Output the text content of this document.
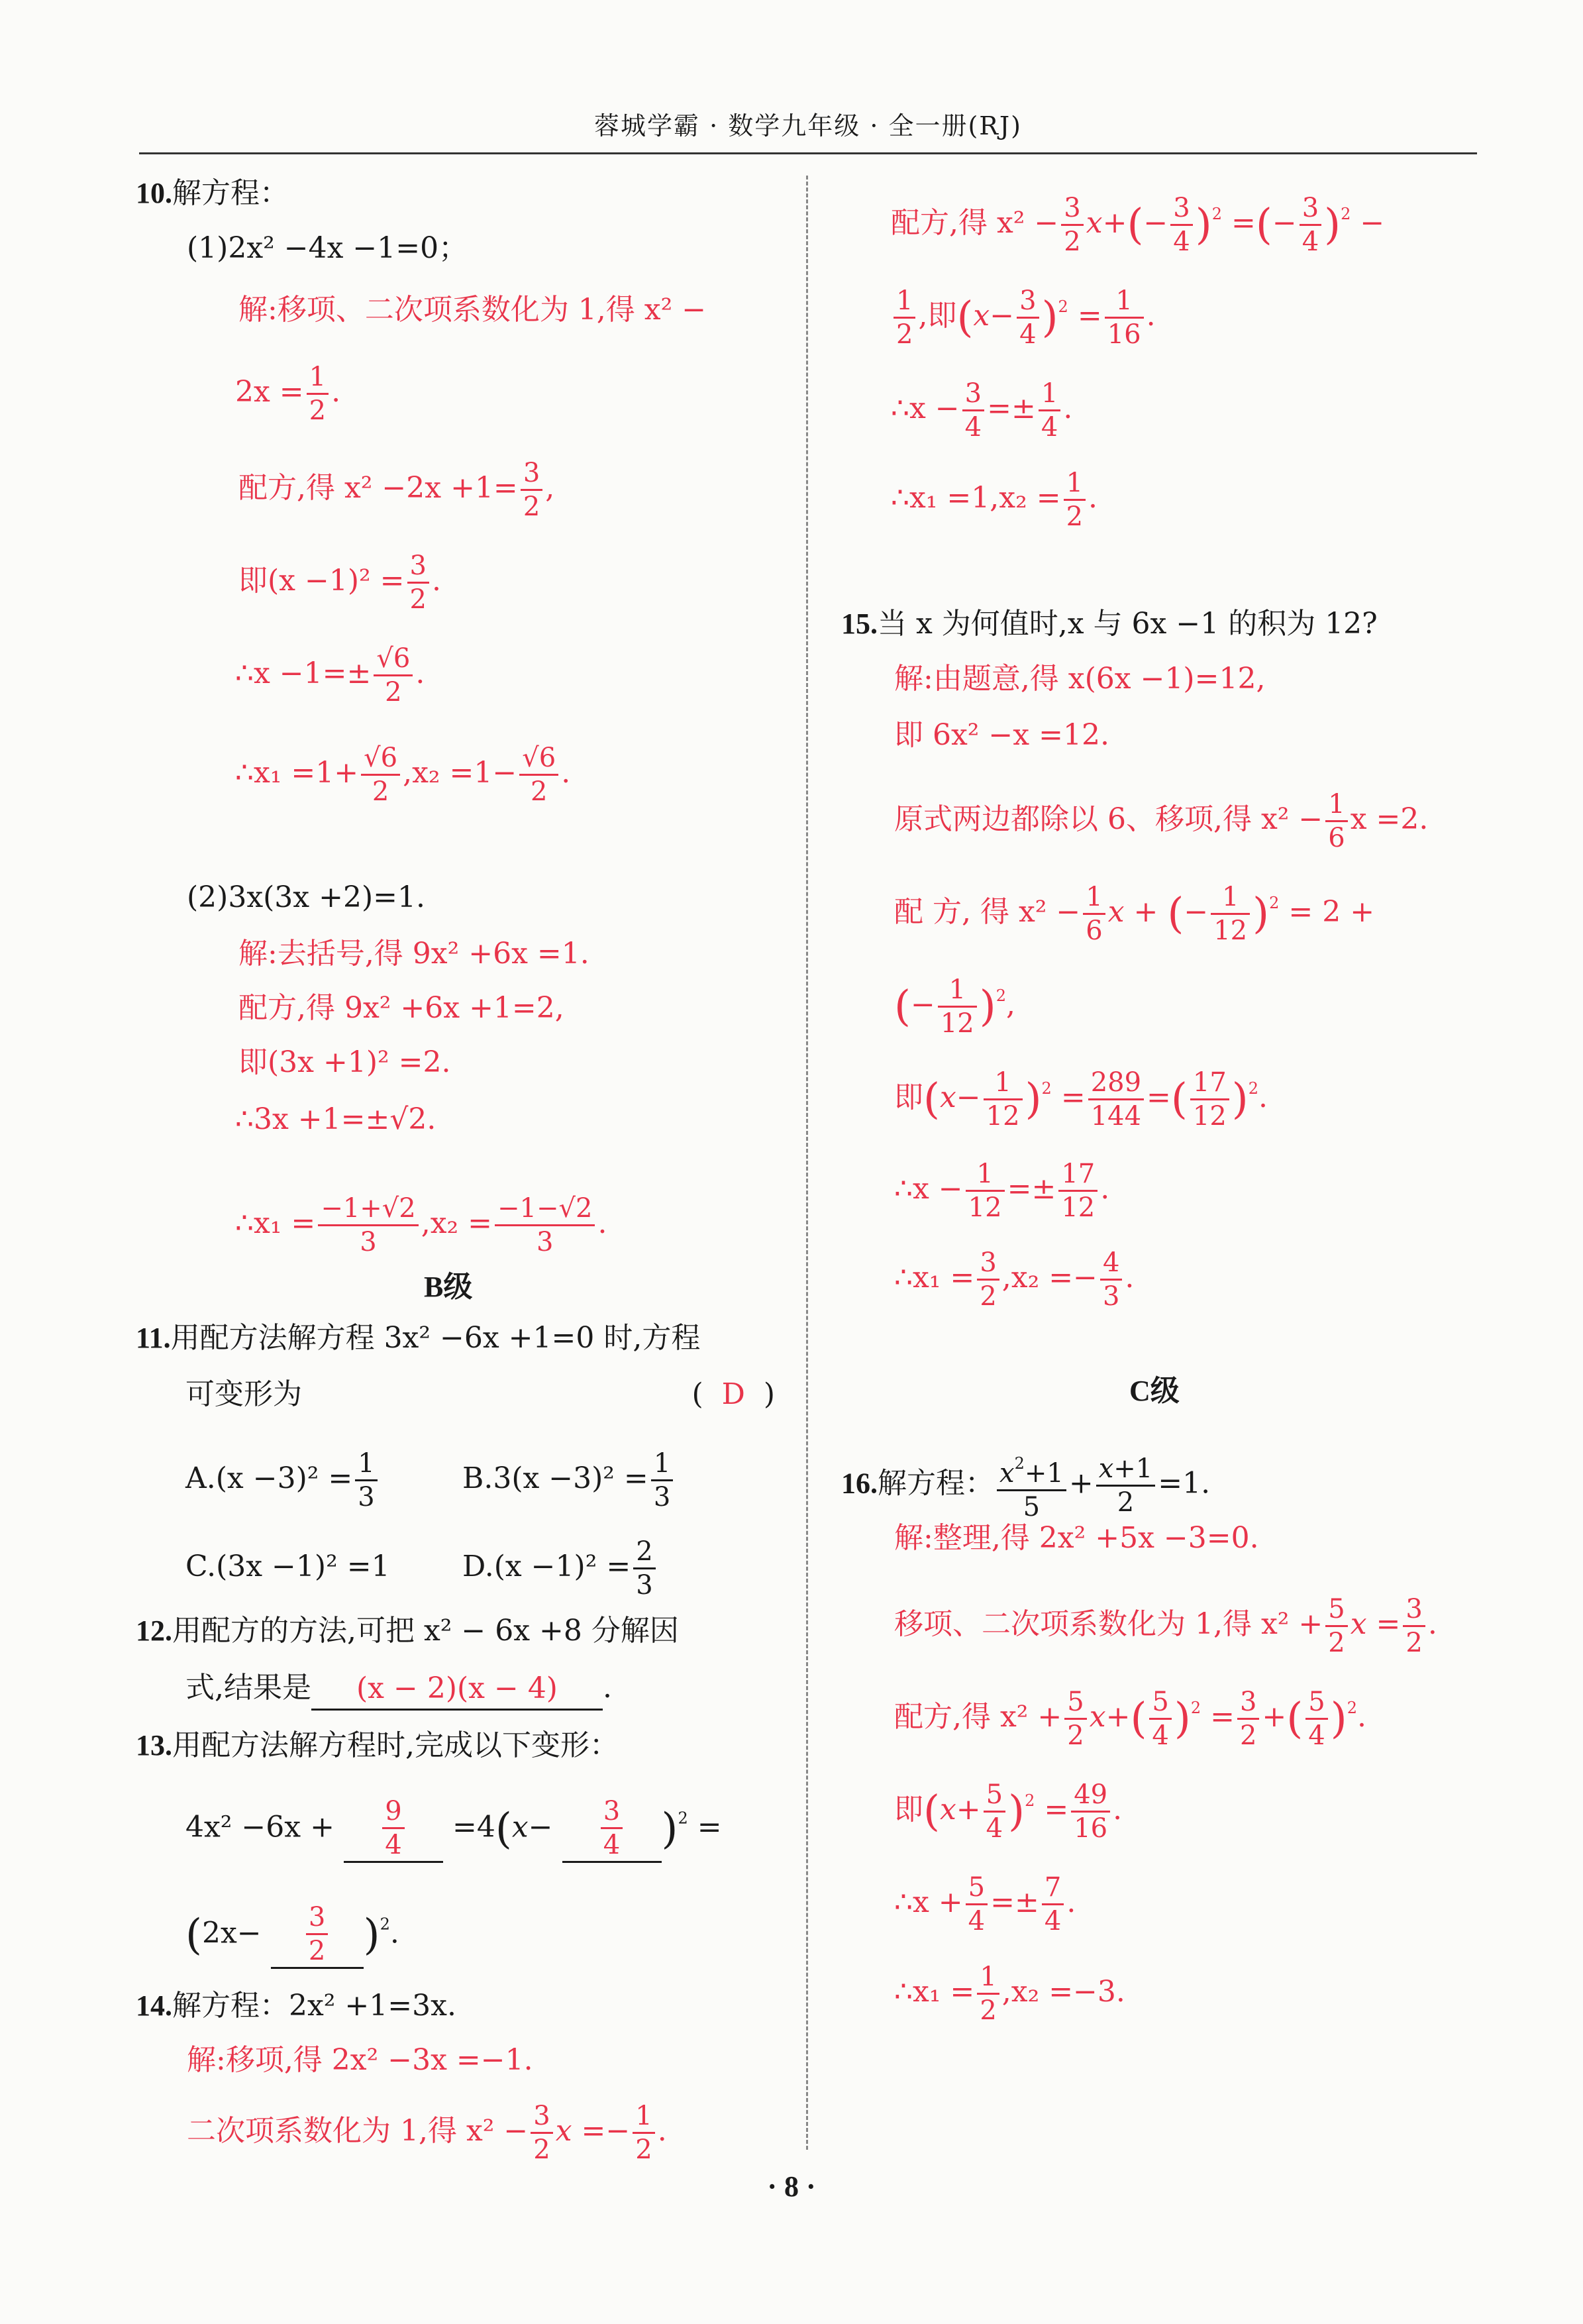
蓉城学霸 · 数学九年级 · 全一册(RJ)
10.解方程：
(1)2x² −4x −1=0；
解:移项、二次项系数化为 1,得 x² −
$2x = \frac{1}{2}$ .
配方,得 $x^2 -2x +1= \frac{3}{2}$ ,
即$(x -1)^2 = \frac{3}{2}$ .
∴x $-1=\pm \frac{√6}{2}$ .
∴x₁ $=1+ \frac{√6}{2} ,x_2 =1- \frac{√6}{2}$ .
(2)3x(3x +2)=1.
解:去括号,得 9x² +6x =1.
配方,得 9x² +6x +1=2,
即(3x +1)² =2.
∴3x +1=±√2.
∴x₁ = $\frac{-1+√2}{3} ,x_2 = \frac{-1-√2}{3}$ .
B级
11.用配方法解方程 3x² −6x +1=0 时,方程
可变形为	(  D  )
$A.(x -3)^2 = \frac{1}{3}$	$B.3(x -3)^2 = \frac{1}{3}$
C.(3x −1)² =1 $D.(x -1)^2 = \frac{2}{3}$
12.用配方的方法,可把 x² − 6x +8 分解因
式,结果是 (x − 2)(x − 4) .
13.用配方法解方程时,完成以下变形：
$4x^2 -6x + \frac{9}{4} =4(x- \frac{3}{4} )^2$ =
$(2x- \frac{3}{2} )^2$.
14.解方程：2x² +1=3x.
解:移项,得 2x² −3x =−1.
二次项系数化为 1,得 $x^2 - \frac{3}{2}$ $x =- \frac{1}{2}$ .
配方,得 $x^2 - \frac{3}{2} x+(- \frac{3}{4} )^2$ =(− $\frac{3}{4} )^2$ −
$\frac{1}{2}$ ,即$(x- \frac{3}{4} )^2 = \frac{1}{16}$ .
∴x − $\frac{3}{4} =\pm \frac{1}{4}$ .
∴x₁ $=1,x_2 = \frac{1}{2}$ .
15.当 x 为何值时,x 与 6x −1 的积为 12?
解:由题意,得 x(6x −1)=12,
即 6x² −x =12.
原式两边都除以 6、移项,得 $x^2 - \frac{1}{6}$ x =2.
配 方, 得 $x^2 - \frac{1}{6}$ x + (− $\frac{1}{12} )^2 = 2$ +
(− $\frac{1}{12} )^2$,
即$(x- \frac{1}{12} )^2 = \frac{289}{144}$ =( $\frac{17}{12} )^2$.
∴x − $\frac{1}{12} =\pm \frac{17}{12}$ .
∴x₁ = $\frac{3}{2} ,x_2 =- \frac{4}{3}$ .
C级
16.解方程： $\frac{x^2+1}{5} + \frac{x+1}{2} =1$.
解:整理,得 2x² +5x −3=0.
移项、二次项系数化为 1,得 $x^2 + \frac{5}{2}$ $x = \frac{3}{2}$ .
配方,得 $x^2 + \frac{5}{2} x+( \frac{5}{4} )^2 = \frac{3}{2}$ +( $\frac{5}{4} )^2$.
即$(x+ \frac{5}{4} )^2 = \frac{49}{16}$ .
∴x + $\frac{5}{4} =\pm \frac{7}{4}$ .
∴x₁ = $\frac{1}{2} ,x_2 =-3$.
· 8 ·
